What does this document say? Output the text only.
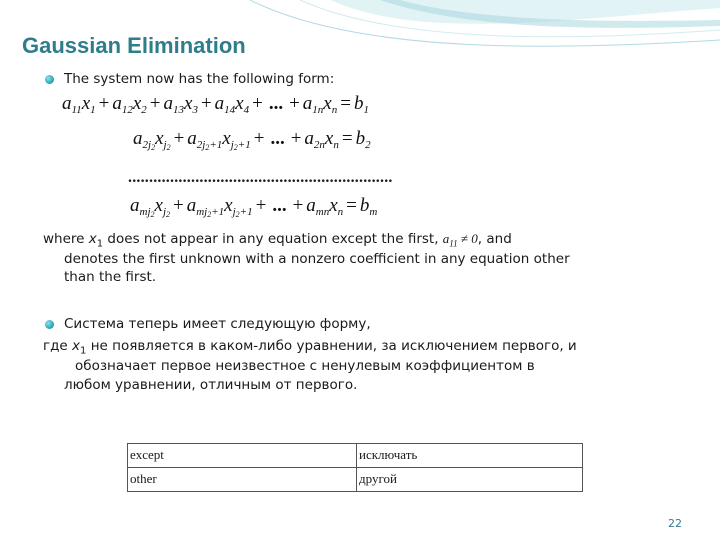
Gaussian Elimination
The system now has the following form:
$a_{11}x_1 + a_{12}x_2 + a_{13}x_3 + a_{14}x_4$ + ... + $a_{1n}x_n = b_1$
$a_{2j_2}x_{j_2} + a_{2j_2+1}x_{j_2+1}$ + ... + $a_{2n}x_n = b_2$
...............................................................
$a_{mj_2}x_{j_2} + a_{mj_2+1}x_{j_2+1}$ + ... + $a_{mn}x_n = b_m$
where $x_1$ does not appear in any equation except the first, $a_{11} \ne 0$, and
denotes the first unknown with a nonzero coefficient in any equation other
than the first.
Система теперь имеет следующую форму,
где $x_1$ не появляется в каком-либо уравнении, за исключением первого, и
обозначает первое неизвестное с ненулевым коэффициентом в
любом уравнении, отличным от первого.
except	исключать
other	другой
22
